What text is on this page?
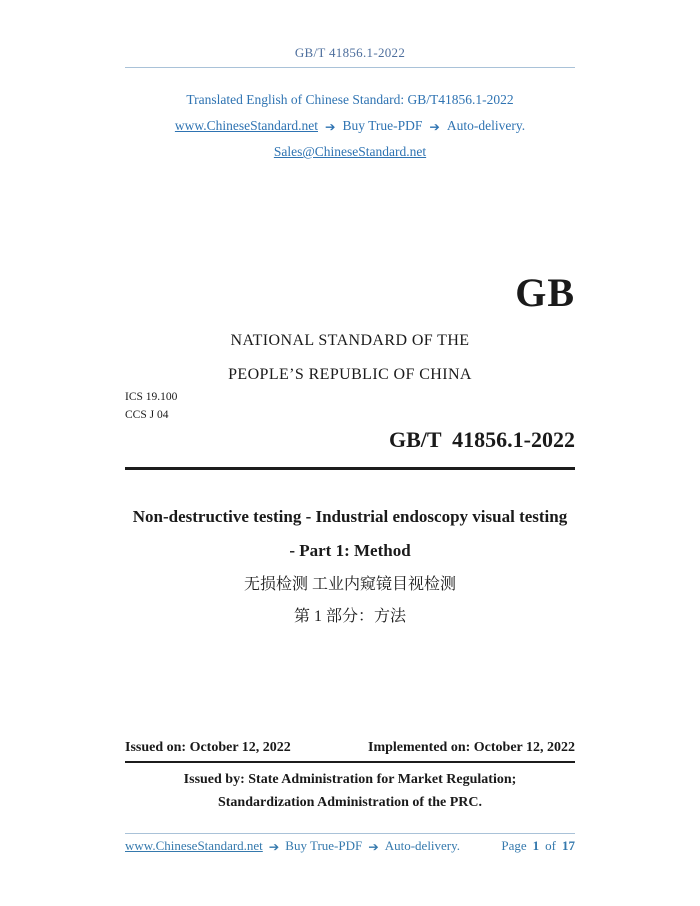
GB/T 41856.1-2022
Translated English of Chinese Standard: GB/T41856.1-2022
www.ChineseStandard.net ➔ Buy True-PDF ➔ Auto-delivery.
Sales@ChineseStandard.net
GB
NATIONAL STANDARD OF THE
PEOPLE’S REPUBLIC OF CHINA
ICS 19.100
CCS J 04
GB/T  41856.1-2022
Non-destructive testing - Industrial endoscopy visual testing
- Part 1: Method
无损检测 工业内窥镜目视检测
第 1 部分：方法
Issued on: October 12, 2022	Implemented on: October 12, 2022
Issued by: State Administration for Market Regulation;
Standardization Administration of the PRC.
www.ChineseStandard.net ➔ Buy True-PDF ➔ Auto-delivery.	Page 1 of 17
